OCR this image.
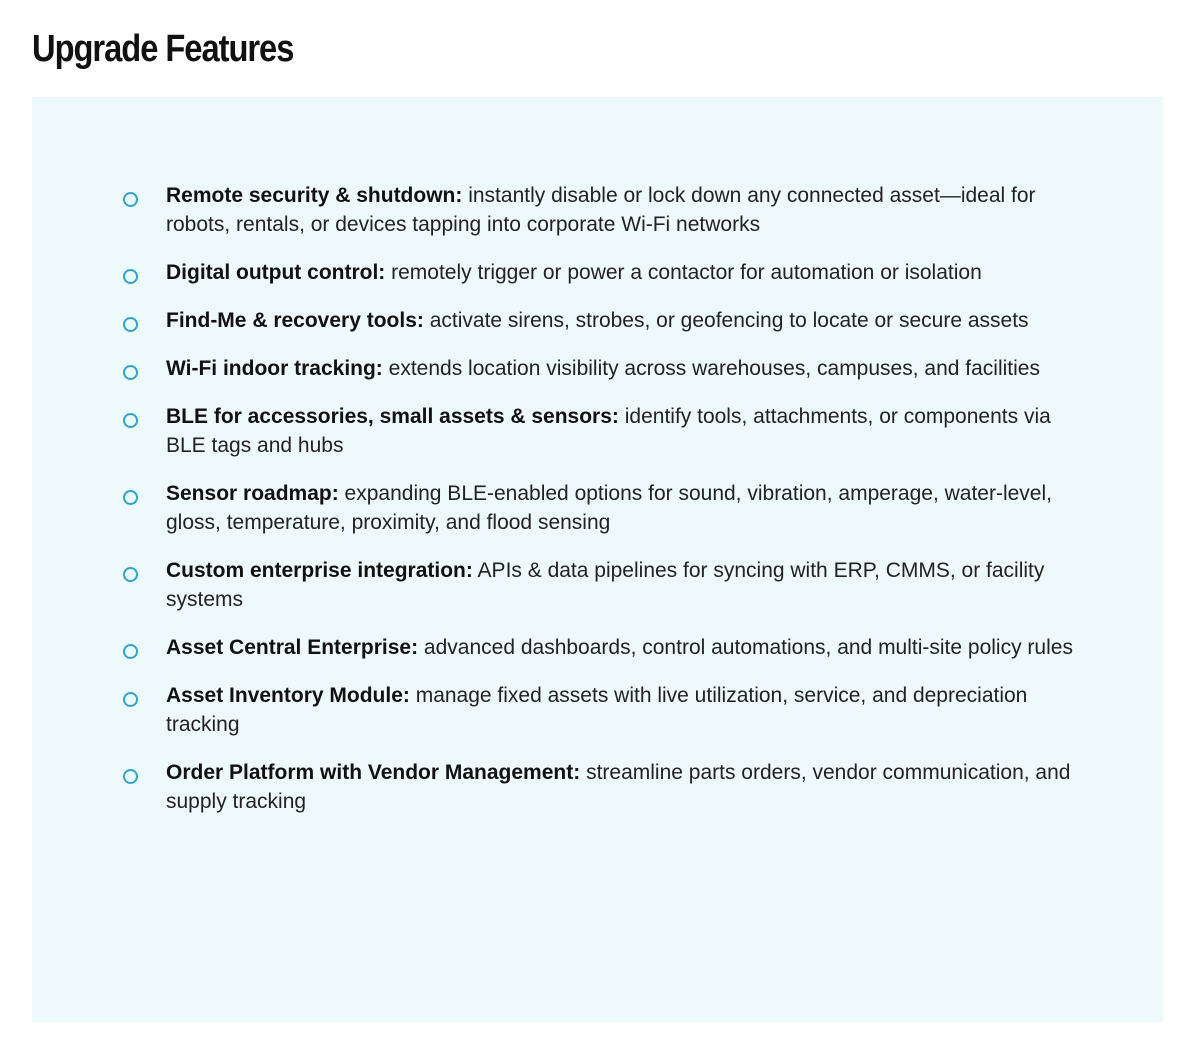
Upgrade Features
Remote security & shutdown: instantly disable or lock down any connected asset—ideal for robots, rentals, or devices tapping into corporate Wi-Fi networks
Digital output control: remotely trigger or power a contactor for automation or isolation
Find-Me & recovery tools: activate sirens, strobes, or geofencing to locate or secure assets
Wi-Fi indoor tracking: extends location visibility across warehouses, campuses, and facilities
BLE for accessories, small assets & sensors: identify tools, attachments, or components via BLE tags and hubs
Sensor roadmap: expanding BLE-enabled options for sound, vibration, amperage, water-level, gloss, temperature, proximity, and flood sensing
Custom enterprise integration: APIs & data pipelines for syncing with ERP, CMMS, or facility systems
Asset Central Enterprise: advanced dashboards, control automations, and multi-site policy rules
Asset Inventory Module: manage fixed assets with live utilization, service, and depreciation tracking
Order Platform with Vendor Management: streamline parts orders, vendor communication, and supply tracking
